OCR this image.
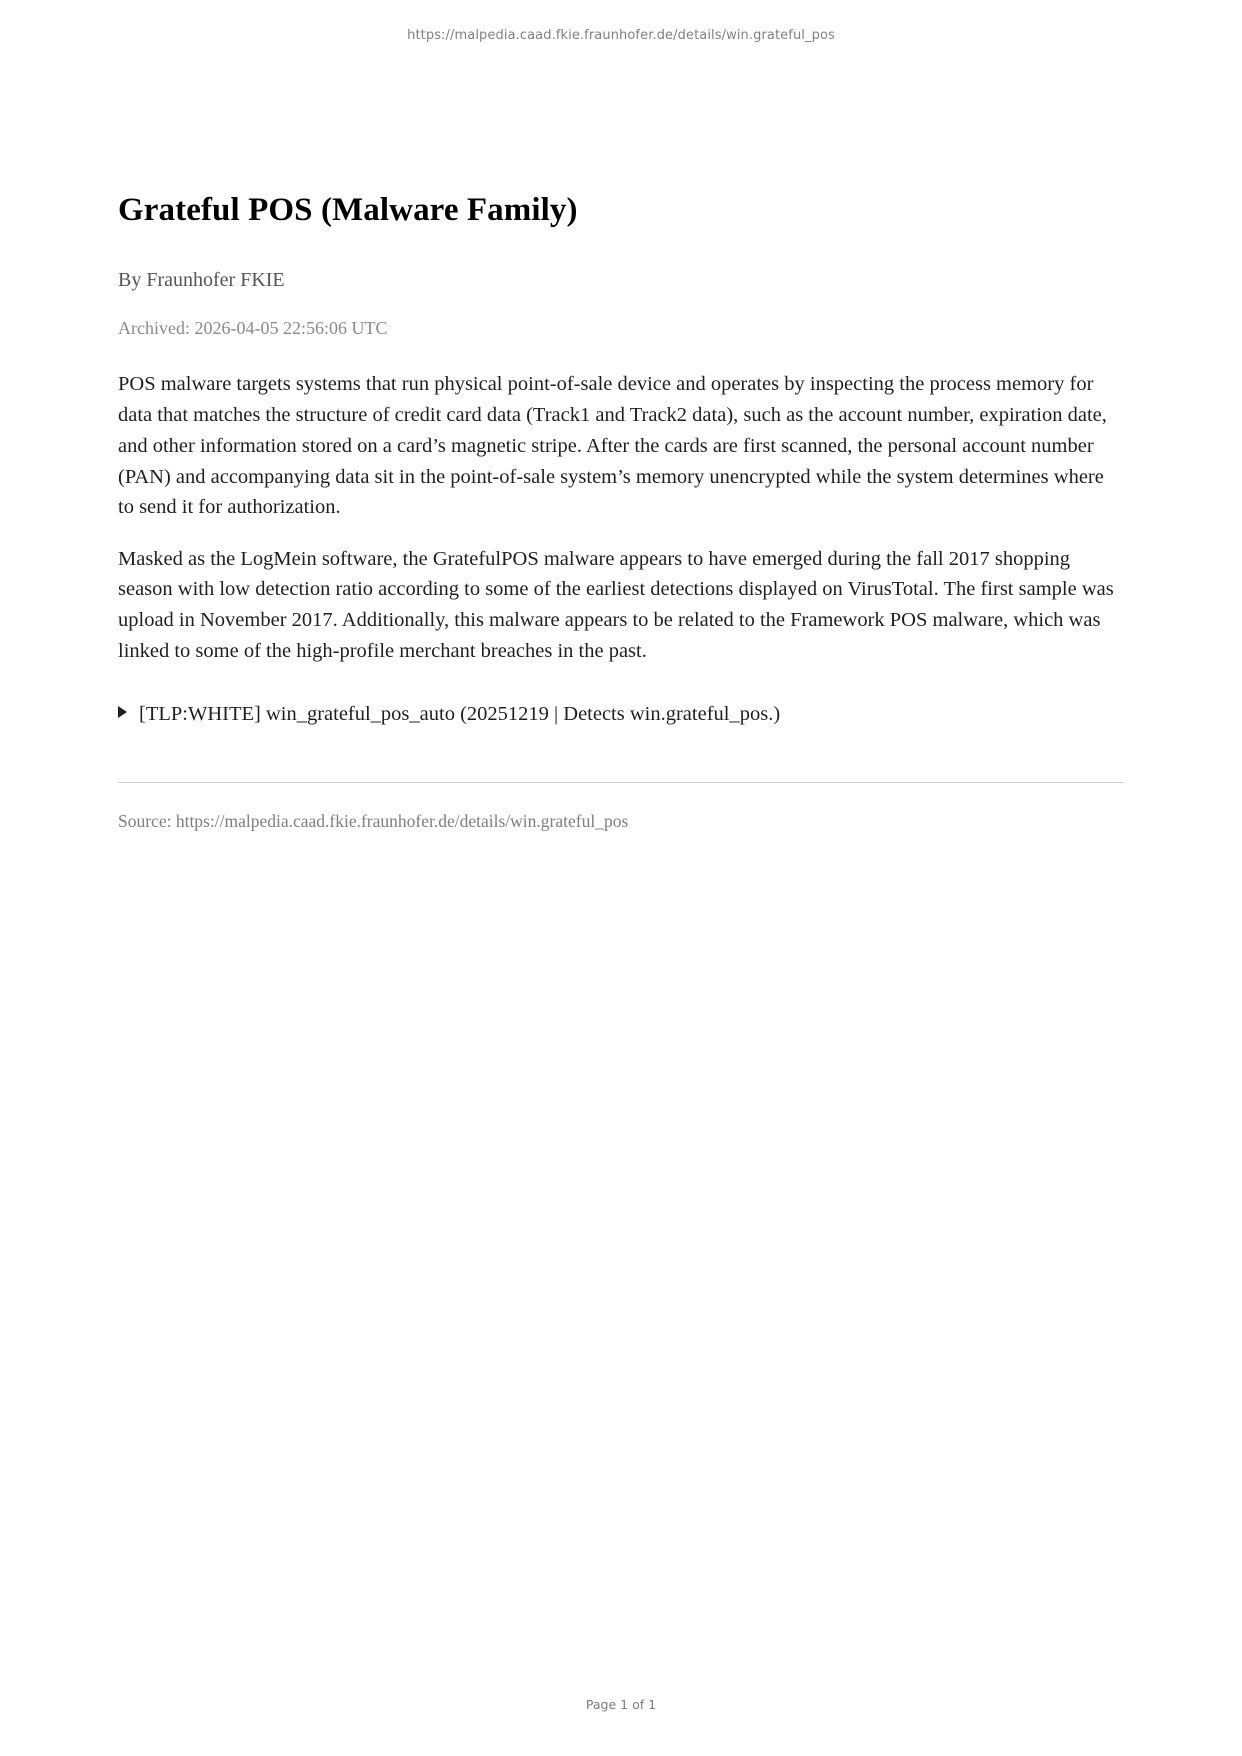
https://malpedia.caad.fkie.fraunhofer.de/details/win.grateful_pos
Grateful POS (Malware Family)
By Fraunhofer FKIE
Archived: 2026-04-05 22:56:06 UTC

POS malware targets systems that run physical point-of-sale device and operates by inspecting the process memory for data that matches the structure of credit card data (Track1 and Track2 data), such as the account number, expiration date, and other information stored on a card’s magnetic stripe. After the cards are first scanned, the personal account number (PAN) and accompanying data sit in the point-of-sale system’s memory unencrypted while the system determines where to send it for authorization.

Masked as the LogMein software, the GratefulPOS malware appears to have emerged during the fall 2017 shopping season with low detection ratio according to some of the earliest detections displayed on VirusTotal. The first sample was upload in November 2017. Additionally, this malware appears to be related to the Framework POS malware, which was linked to some of the high-profile merchant breaches in the past.

[TLP:WHITE] win_grateful_pos_auto (20251219 | Detects win.grateful_pos.)
Source: https://malpedia.caad.fkie.fraunhofer.de/details/win.grateful_pos
Page 1 of 1
